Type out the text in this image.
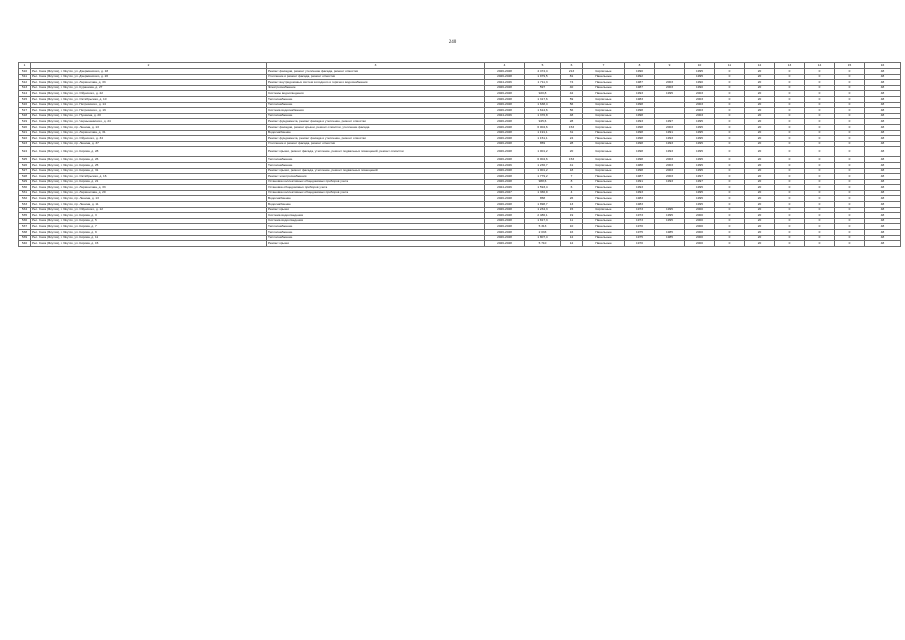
240
1	2	3	4	5	6	7	8	9	10	11	12	13	14	15	16
510	Рес. Саха (Якутия), г. Якутск, ул. Дзержинского, д. 18	Ремонт фасадов, ремонт утепление фасада, ремонт отмостки	2026-2028	4 474,4	213	Кирпичные	1990		1995	0	20	0	0	0	48
511	Рес. Саха (Якутия), г. Якутск, ул. Дзержинского, д. 20	Утепление и ремонт фасада, ремонт отмостки	2026-2028	1 979,5	81	Панельные	1992		1995	0	20	0	0	0	48
512	Рес. Саха (Якутия), г. Якутск, ул. Лермонтова, д. 33	Ремонт внутридомовых систем холодного и горячего водоснабжения	2024-2026	1 711,3	74	Панельные	1987	2003	1990	0	20	0	0	0	48
513	Рес. Саха (Якутия), г. Якутск, ул. Курашова, д. 27	Электроснабжение	2026-2028	597	40	Панельные	1987	2003	1990	0	20	0	0	0	48
514	Рес. Саха (Якутия), г. Якутск, ул. Ойунского, д. 22	Системы водоотведения	2026-2028	920,8	42	Панельные	1993	1995	2003	0	20	0	0	0	48
515	Рес. Саха (Якутия), г. Якутск, ул. Октябрьская, д. 10	Теплоснабжение	2026-2028	1 317,6	59	Кирпичные	1983		2003	0	20	0	0	0	48
516	Рес. Саха (Якутия), г. Якутск, ул. Петровского, д. 14	Теплоснабжение	2026-2028	1 638,4	56	Кирпичные	1998		2003	0	20	0	0	0	48
517	Рес. Саха (Якутия), г. Якутск, ул. Петровского, д. 16	Система водоснабжения	2026-2028	1 614,6	56	Кирпичные	1998		2003	0	20	0	0	0	48
518	Рес. Саха (Якутия), г. Якутск, ул. Пушкина, д. 20	Теплоснабжение	2024-2026	1 376,8	48	Кирпичные	1998		2003	0	20	0	0	0	48
519	Рес. Саха (Якутия), г. Якутск, ул. Чернышевского, д. 24	Ремонт фундамента, ремонт фасада и утепление, ремонт отмостки	2026-2028	945,6	28	Кирпичные	1993	1997	1995	0	20	0	0	0	48
520	Рес. Саха (Якутия), г. Якутск, пр. Ленина, д. 13	Ремонт фасадов, ремонт крыши, ремонт отмостки, утепление фасада	2026-2028	6 004,6	153	Кирпичные	1998	2003	1995	0	20	0	0	0	48
521	Рес. Саха (Якутия), г. Якутск, ул. Лермонтова, д. 31	Водоснабжение	2026-2028	1 191,1	31	Панельные	1998	1991	1995	0	20	0	0	0	48
522	Рес. Саха (Якутия), г. Якутск, ул. Ойунского, д. 34	Ремонт фундамента, ремонт фасада и утепление, ремонт отмостки	2026-2028	1 151,1	24	Панельные	1998	1993	1995	0	20	0	0	0	48
523	Рес. Саха (Якутия), г. Якутск, пр. Ленина, д. 37	Утепление и ремонт фасада, ремонт отмостки	2026-2028	859	28	Кирпичные	1998	1993	1995	0	20	0	0	0	48
524	Рес. Саха (Якутия), г. Якутск, ул. Кирова, д. 28	Ремонт крыши, ремонт фасада, утепление, ремонт подвальных помещений, ремонт отмостки	2026-2028	1 001,2	20	Кирпичные	1998	1993	1995	0	20	0	0	0	48
525	Рес. Саха (Якутия), г. Якутск, ул. Кирова, д. 26	Теплоснабжение	2026-2028	6 004,6	153	Кирпичные	1998	2003	1995	0	20	0	0	0	48
526	Рес. Саха (Якутия), г. Якутск, ул. Кирова, д. 25	Теплоснабжение	2024-2026	1 236,7	41	Кирпичные	1988	2003	1995	0	20	0	0	0	48
527	Рес. Саха (Якутия), г. Якутск, ул. Кирова, д. 31	Ремонт крыши, ремонт фасада, утепление, ремонт подвальных помещений	2026-2028	1 001,2	18	Кирпичные	1998	2003	1995	0	20	0	0	0	48
528	Рес. Саха (Якутия), г. Якутск, ул. Октябрьская, д. 16	Ремонт электроснабжения	2026-2028	1 779,2	7	Панельные	1987	2003	1997	0	20	0	0	0	48
529	Рес. Саха (Якутия), г. Якутск, ул. Кирова, д. 21	Установка коллективных общедомовых приборов учета	2026-2028	988,6	8	Панельные	1991	1993	1997	0	20	0	0	0	48
530	Рес. Саха (Якутия), г. Якутск, ул. Лермонтова, д. 33	Установка общедомовых приборов учета	2024-2026	1 593,4	6	Панельные	1993		1995	0	20	0	0	0	48
531	Рес. Саха (Якутия), г. Якутск, ул. Лермонтова, д. 20	Установка коллективных общедомовых приборов учета	2026-2027	1 366,9	4	Панельные	1993		1995	0	20	0	0	0	48
532	Рес. Саха (Якутия), г. Якутск, пр. Ленина, д. 13	Водоснабжение	2026-2028	858	26	Панельные	1983		1995	0	20	0	0	0	48
533	Рес. Саха (Якутия), г. Якутск, пр. Ленина, д. 11	Водоснабжение	2026-2028	1 898,7	13	Панельные	1983		1995	0	20	0	0	0	48
534	Рес. Саха (Якутия), г. Якутск, ул. Ойунского, д. 12	Ремонт крыши	2026-2028	1 234,3	15	Кирпичные	1973	1995	2000	0	20	0	0	0	48
535	Рес. Саха (Якутия), г. Якутск, ул. Кирова, д. 3	Система водоотведения	2026-2028	2 486,1	19	Панельные	1973	1995	2000	0	20	0	0	0	48
536	Рес. Саха (Якутия), г. Якутск, ул. Кирова, д. 5	Система водоотведения	2026-2028	1 817,3	11	Панельные	1973	1995	2000	0	20	0	0	0	48
537	Рес. Саха (Якутия), г. Якутск, ул. Кирова, д. 7	Теплоснабжение	2026-2028	5 313	10	Панельные	1970		2000	0	20	0	0	0	48
538	Рес. Саха (Якутия), г. Якутск, ул. Кирова, д. 9	Теплоснабжение	2026-2028	2 033	16	Панельные	1975	1985	2000	0	20	0	0	0	48
539	Рес. Саха (Якутия), г. Якутск, ул. Кирова, д. 11	Теплоснабжение	2026-2028	1 807,4	12	Панельные	1975	1985	2000	0	20	0	0	0	48
540	Рес. Саха (Якутия), г. Якутск, ул. Кирова, д. 15	Ремонт крыши	2026-2028	5 710	12	Панельные	1970		2000	0	20	0	0	0	48
